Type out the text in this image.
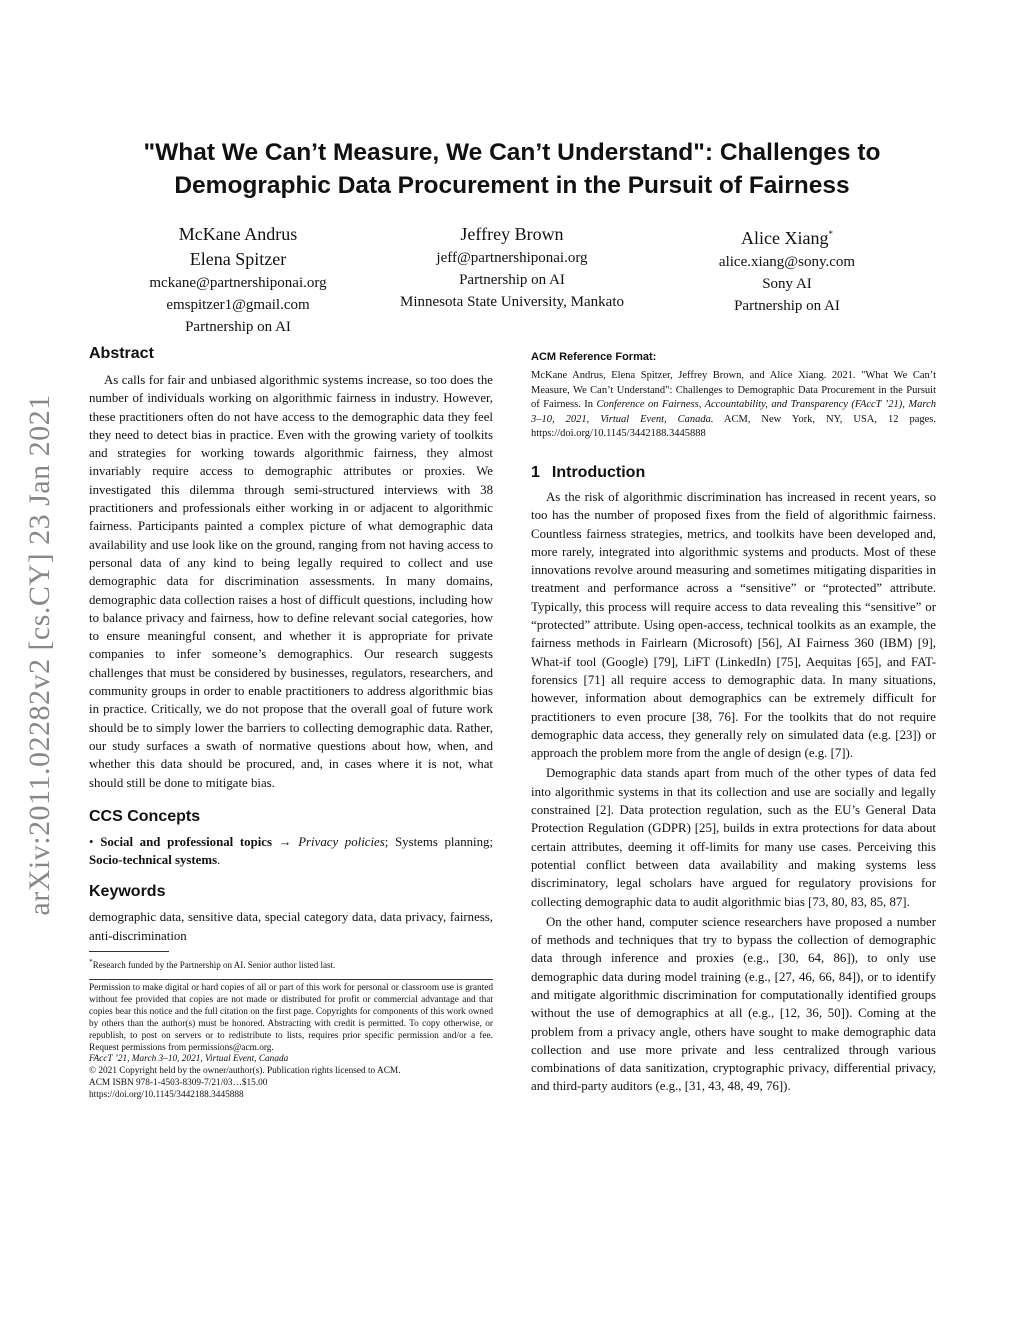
arXiv:2011.02282v2 [cs.CY] 23 Jan 2021
"What We Can’t Measure, We Can’t Understand": Challenges to
Demographic Data Procurement in the Pursuit of Fairness
McKane Andrus
Elena Spitzer
mckane@partnershiponai.org
emspitzer1@gmail.com
Partnership on AI
Jeffrey Brown
jeff@partnershiponai.org
Partnership on AI
Minnesota State University, Mankato
Alice Xiang*
alice.xiang@sony.com
Sony AI
Partnership on AI
Abstract
As calls for fair and unbiased algorithmic systems increase, so too does the number of individuals working on algorithmic fairness in industry. However, these practitioners often do not have access to the demographic data they feel they need to detect bias in practice. Even with the growing variety of toolkits and strategies for working towards algorithmic fairness, they almost invariably require access to demographic attributes or proxies. We investigated this dilemma through semi-structured interviews with 38 practitioners and professionals either working in or adjacent to algorithmic fairness. Participants painted a complex picture of what demographic data availability and use look like on the ground, ranging from not having access to personal data of any kind to being legally required to collect and use demographic data for discrimination assessments. In many domains, demographic data collection raises a host of difficult questions, including how to balance privacy and fairness, how to define relevant social categories, how to ensure meaningful consent, and whether it is appropriate for private companies to infer someone’s demographics. Our research suggests challenges that must be considered by businesses, regulators, researchers, and community groups in order to enable practitioners to address algorithmic bias in practice. Critically, we do not propose that the overall goal of future work should be to simply lower the barriers to collecting demographic data. Rather, our study surfaces a swath of normative questions about how, when, and whether this data should be procured, and, in cases where it is not, what should still be done to mitigate bias.
CCS Concepts
• Social and professional topics → Privacy policies; Systems planning; Socio-technical systems.
Keywords
demographic data, sensitive data, special category data, data privacy, fairness, anti-discrimination
*Research funded by the Partnership on AI. Senior author listed last.
Permission to make digital or hard copies of all or part of this work for personal or classroom use is granted without fee provided that copies are not made or distributed for profit or commercial advantage and that copies bear this notice and the full citation on the first page. Copyrights for components of this work owned by others than the author(s) must be honored. Abstracting with credit is permitted. To copy otherwise, or republish, to post on servers or to redistribute to lists, requires prior specific permission and/or a fee. Request permissions from permissions@acm.org.
FAccT ’21, March 3–10, 2021, Virtual Event, Canada
© 2021 Copyright held by the owner/author(s). Publication rights licensed to ACM.
ACM ISBN 978-1-4503-8309-7/21/03…$15.00
https://doi.org/10.1145/3442188.3445888
ACM Reference Format:
McKane Andrus, Elena Spitzer, Jeffrey Brown, and Alice Xiang. 2021. "What We Can’t Measure, We Can’t Understand": Challenges to Demographic Data Procurement in the Pursuit of Fairness. In Conference on Fairness, Accountability, and Transparency (FAccT ’21), March 3–10, 2021, Virtual Event, Canada. ACM, New York, NY, USA, 12 pages. https://doi.org/10.1145/3442188.3445888
1 Introduction
As the risk of algorithmic discrimination has increased in recent years, so too has the number of proposed fixes from the field of algorithmic fairness. Countless fairness strategies, metrics, and toolkits have been developed and, more rarely, integrated into algorithmic systems and products. Most of these innovations revolve around measuring and sometimes mitigating disparities in treatment and performance across a “sensitive” or “protected” attribute. Typically, this process will require access to data revealing this “sensitive” or “protected” attribute. Using open-access, technical toolkits as an example, the fairness methods in Fairlearn (Microsoft) [56], AI Fairness 360 (IBM) [9], What-if tool (Google) [79], LiFT (LinkedIn) [75], Aequitas [65], and FAT-forensics [71] all require access to demographic data. In many situations, however, information about demographics can be extremely difficult for practitioners to even procure [38, 76]. For the toolkits that do not require demographic data access, they generally rely on simulated data (e.g. [23]) or approach the problem more from the angle of design (e.g. [7]).
Demographic data stands apart from much of the other types of data fed into algorithmic systems in that its collection and use are socially and legally constrained [2]. Data protection regulation, such as the EU’s General Data Protection Regulation (GDPR) [25], builds in extra protections for data about certain attributes, deeming it off-limits for many use cases. Perceiving this potential conflict between data availability and making systems less discriminatory, legal scholars have argued for regulatory provisions for collecting demographic data to audit algorithmic bias [73, 80, 83, 85, 87].
On the other hand, computer science researchers have proposed a number of methods and techniques that try to bypass the collection of demographic data through inference and proxies (e.g., [30, 64, 86]), to only use demographic data during model training (e.g., [27, 46, 66, 84]), or to identify and mitigate algorithmic discrimination for computationally identified groups without the use of demographics at all (e.g., [12, 36, 50]). Coming at the problem from a privacy angle, others have sought to make demographic data collection and use more private and less centralized through various combinations of data sanitization, cryptographic privacy, differential privacy, and third-party auditors (e.g., [31, 43, 48, 49, 76]).
